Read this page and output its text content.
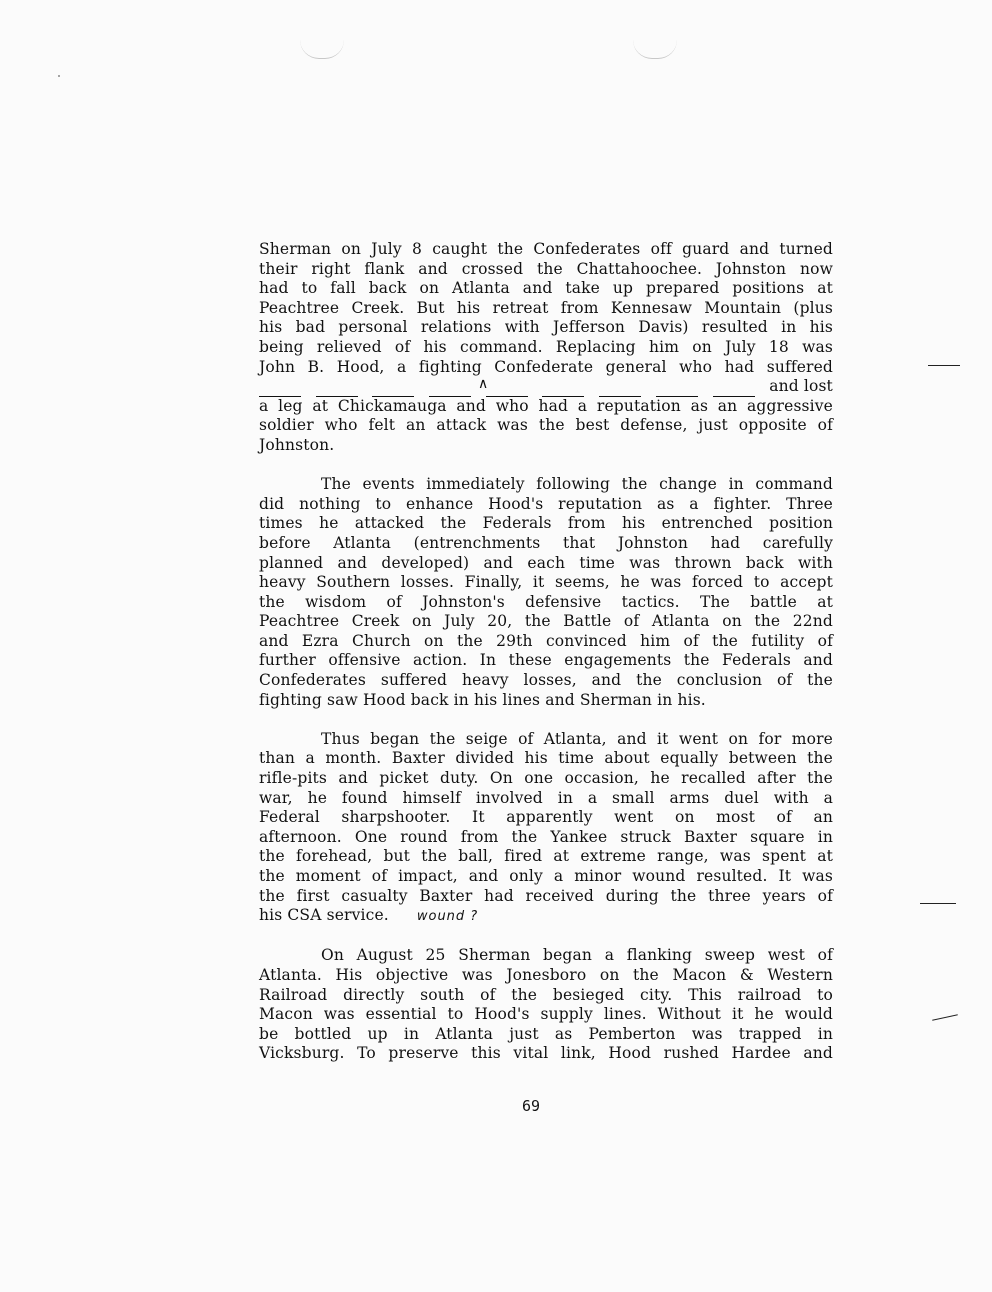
Sherman on July 8 caught the Confederates off guard and turned
their right flank and crossed the Chattahoochee. Johnston now
had to fall back on Atlanta and take up prepared positions at
Peachtree Creek. But his retreat from Kennesaw Mountain (plus
his bad personal relations with Jefferson Davis) resulted in his
being relieved of his command. Replacing him on July 18 was
John B. Hood, a fighting Confederate general who had suffered
and lost
a leg at Chickamauga and who had a reputation as an aggressive
soldier who felt an attack was the best defense, just opposite of
Johnston.
The events immediately following the change in command
did nothing to enhance Hood's reputation as a fighter. Three
times he attacked the Federals from his entrenched position
before Atlanta (entrenchments that Johnston had carefully
planned and developed) and each time was thrown back with
heavy Southern losses. Finally, it seems, he was forced to accept
the wisdom of Johnston's defensive tactics. The battle at
Peachtree Creek on July 20, the Battle of Atlanta on the 22nd
and Ezra Church on the 29th convinced him of the futility of
further offensive action. In these engagements the Federals and
Confederates suffered heavy losses, and the conclusion of the
fighting saw Hood back in his lines and Sherman in his.
Thus began the seige of Atlanta, and it went on for more
than a month. Baxter divided his time about equally between the
rifle-pits and picket duty. On one occasion, he recalled after the
war, he found himself involved in a small arms duel with a
Federal sharpshooter. It apparently went on most of an
afternoon. One round from the Yankee struck Baxter square in
the forehead, but the ball, fired at extreme range, was spent at
the moment of impact, and only a minor wound resulted. It was
the first casualty Baxter had received during the three years of
his CSA service. wound ?
On August 25 Sherman began a flanking sweep west of
Atlanta. His objective was Jonesboro on the Macon & Western
Railroad directly south of the besieged city. This railroad to
Macon was essential to Hood's supply lines. Without it he would
be bottled up in Atlanta just as Pemberton was trapped in
Vicksburg. To preserve this vital link, Hood rushed Hardee and
∧
69
